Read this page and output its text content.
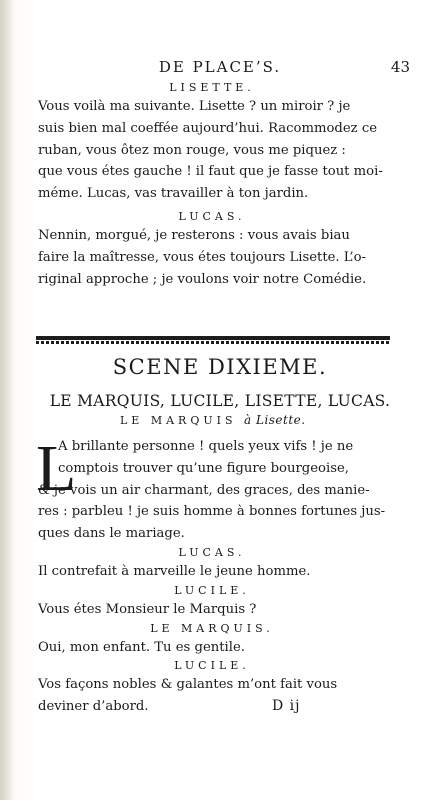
DE PLACE’S.	43

LISETTE.

Vous voilà ma suivante. Lisette ? un miroir ? je
suis bien mal coeffée aujourd’hui. Racommodez ce
ruban, vous ôtez mon rouge, vous me piquez :
que vous étes gauche ! il faut que je fasse tout moi-
méme. Lucas, vas travailler à ton jardin.

LUCAS.

Nennin, morgué, je resterons : vous avais biau
faire la maîtresse, vous étes toujours Lisette. L’o-
riginal approche ; je voulons voir notre Comédie.

SCENE DIXIEME.
LE MARQUIS, LUCILE, LISETTE, LUCAS.
LE MARQUIS à Lisette.
L

A brillante personne ! quels yeux vifs ! je ne
comptois trouver qu’une figure bourgeoise,
& je vois un air charmant, des graces, des manie-
res : parbleu ! je suis homme à bonnes fortunes jus-
ques dans le mariage.

LUCAS.

Il contrefait à marveille le jeune homme.

LUCILE.

Vous étes Monsieur le Marquis ?

LE MARQUIS.

Oui, mon enfant. Tu es gentile.

LUCILE.

Vos façons nobles & galantes m’ont fait vous
deviner d’abord.	D ij
